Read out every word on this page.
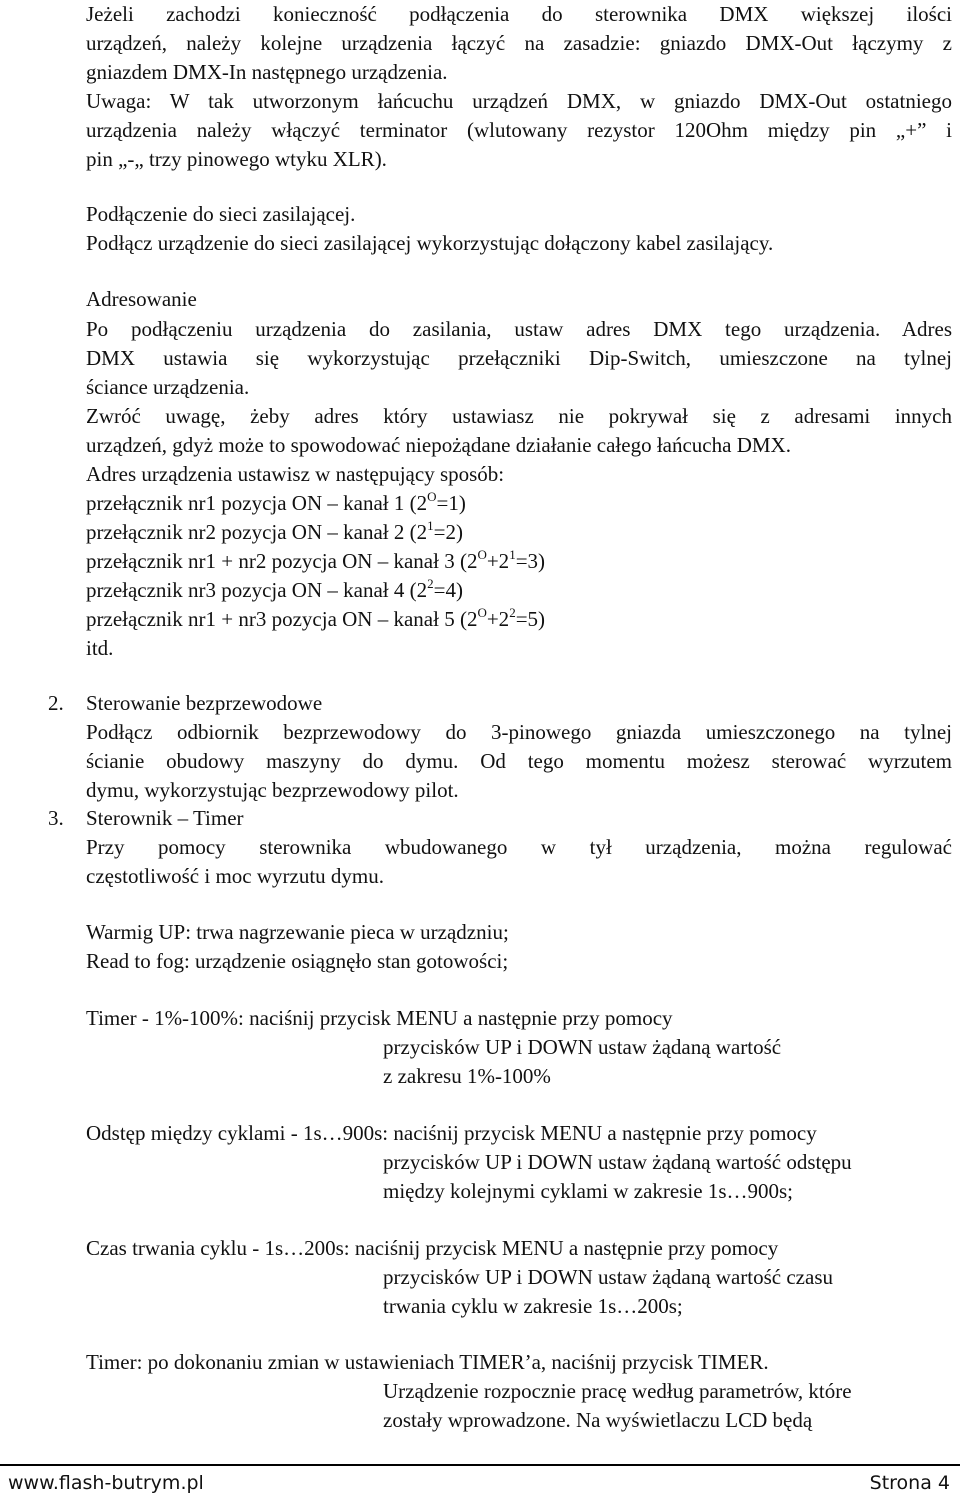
Jeżeli zachodzi konieczność podłączenia do sterownika DMX większej ilości
urządzeń, należy kolejne urządzenia łączyć na zasadzie: gniazdo DMX-Out łączymy z
gniazdem DMX-In następnego urządzenia.
Uwaga: W tak utworzonym łańcuchu urządzeń DMX, w gniazdo DMX-Out ostatniego
urządzenia należy włączyć terminator (wlutowany rezystor 120Ohm między pin „+” i
pin „-„ trzy pinowego wtyku XLR).
Podłączenie do sieci zasilającej.
Podłącz urządzenie do sieci zasilającej wykorzystując dołączony kabel zasilający.
Adresowanie
Po podłączeniu urządzenia do zasilania, ustaw adres DMX tego urządzenia. Adres
DMX ustawia się wykorzystując przełączniki Dip-Switch, umieszczone na tylnej
ściance urządzenia.
Zwróć uwagę, żeby adres który ustawiasz nie pokrywał się z adresami innych
urządzeń, gdyż może to spowodować niepożądane działanie całego łańcucha DMX.
Adres urządzenia ustawisz w następujący sposób:
przełącznik nr1 pozycja ON – kanał 1 $(2^O=1)$
przełącznik nr2 pozycja ON – kanał 2 $(2^1=2)$
przełącznik nr1 + nr2 pozycja ON – kanał 3 $(2^O+2^1=3)$
przełącznik nr3 pozycja ON – kanał 4 $(2^2=4)$
przełącznik nr1 + nr3 pozycja ON – kanał 5 $(2^O+2^2=5)$
itd.
2. Sterowanie bezprzewodowe
Podłącz odbiornik bezprzewodowy do 3-pinowego gniazda umieszczonego na tylnej
ścianie obudowy maszyny do dymu. Od tego momentu możesz sterować wyrzutem
dymu, wykorzystując bezprzewodowy pilot.
3. Sterownik – Timer
Przy pomocy sterownika wbudowanego w tył urządzenia, można regulować
częstotliwość i moc wyrzutu dymu.
Warmig UP: trwa nagrzewanie pieca w urządzniu;
Read to fog: urządzenie osiągnęło stan gotowości;
Timer - 1%-100%: naciśnij przycisk MENU a następnie przy pomocy
przycisków UP i DOWN ustaw żądaną wartość
z zakresu 1%-100%
Odstęp między cyklami - 1s…900s: naciśnij przycisk MENU a następnie przy pomocy
przycisków UP i DOWN ustaw żądaną wartość odstępu
między kolejnymi cyklami w zakresie 1s…900s;
Czas trwania cyklu - 1s…200s: naciśnij przycisk MENU a następnie przy pomocy
przycisków UP i DOWN ustaw żądaną wartość czasu
trwania cyklu w zakresie 1s…200s;
Timer: po dokonaniu zmian w ustawieniach TIMER’a, naciśnij przycisk TIMER.
Urządzenie rozpocznie pracę według parametrów, które
zostały wprowadzone. Na wyświetlaczu LCD będą
www.flash-butrym.pl	Strona 4
